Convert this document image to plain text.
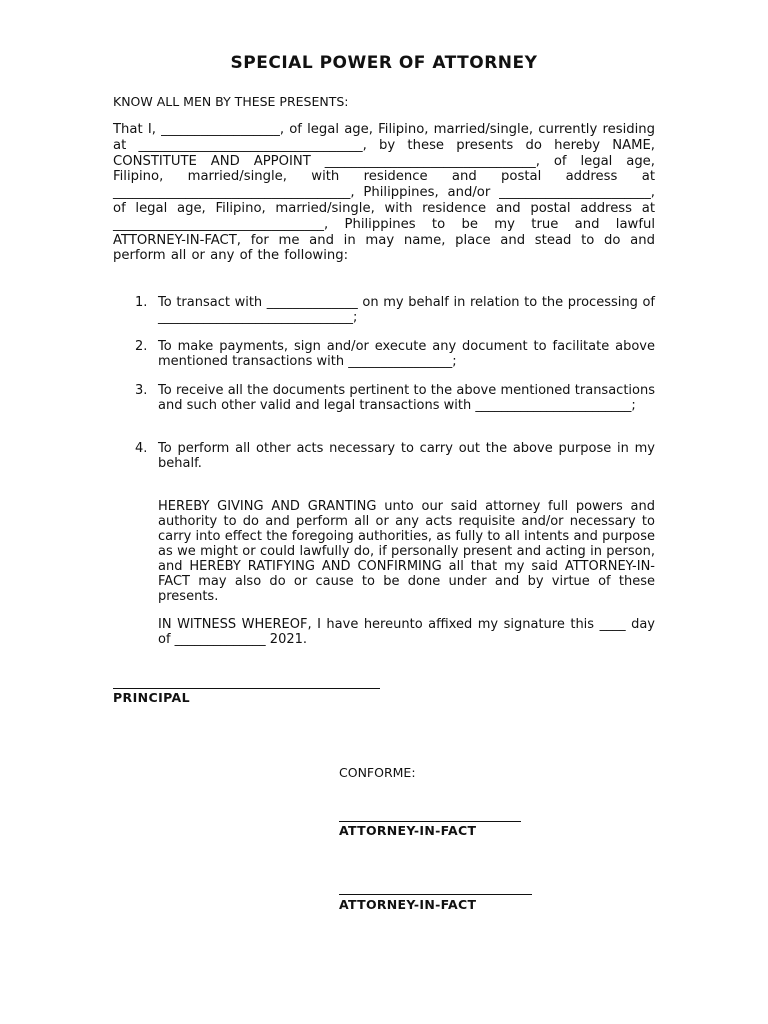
SPECIAL POWER OF ATTORNEY
KNOW ALL MEN BY THESE PRESENTS:
That I, __________________, of legal age, Filipino, married/single, currently residing at __________________________________, by these presents do hereby NAME, CONSTITUTE AND APPOINT ________________________________, of legal age, Filipino, married/single, with residence and postal address at ____________________________________, Philippines, and/or _______________________, of legal age, Filipino, married/single, with residence and postal address at ________________________________, Philippines to be my true and lawful ATTORNEY-IN-FACT, for me and in may name, place and stead to do and perform all or any of the following:
1. To transact with ______________ on my behalf in relation to the processing of ______________________________;
2. To make payments, sign and/or execute any document to facilitate above mentioned transactions with ________________;
3. To receive all the documents pertinent to the above mentioned transactions and such other valid and legal transactions with ________________________;
4. To perform all other acts necessary to carry out the above purpose in my behalf.
HEREBY GIVING AND GRANTING unto our said attorney full powers and authority to do and perform all or any acts requisite and/or necessary to carry into effect the foregoing authorities, as fully to all intents and purpose as we might or could lawfully do, if personally present and acting in person, and HEREBY RATIFYING AND CONFIRMING all that my said ATTORNEY-IN-FACT may also do or cause to be done under and by virtue of these presents.
IN WITNESS WHEREOF, I have hereunto affixed my signature this ____ day of ______________ 2021.
PRINCIPAL
CONFORME:
ATTORNEY-IN-FACT
ATTORNEY-IN-FACT
